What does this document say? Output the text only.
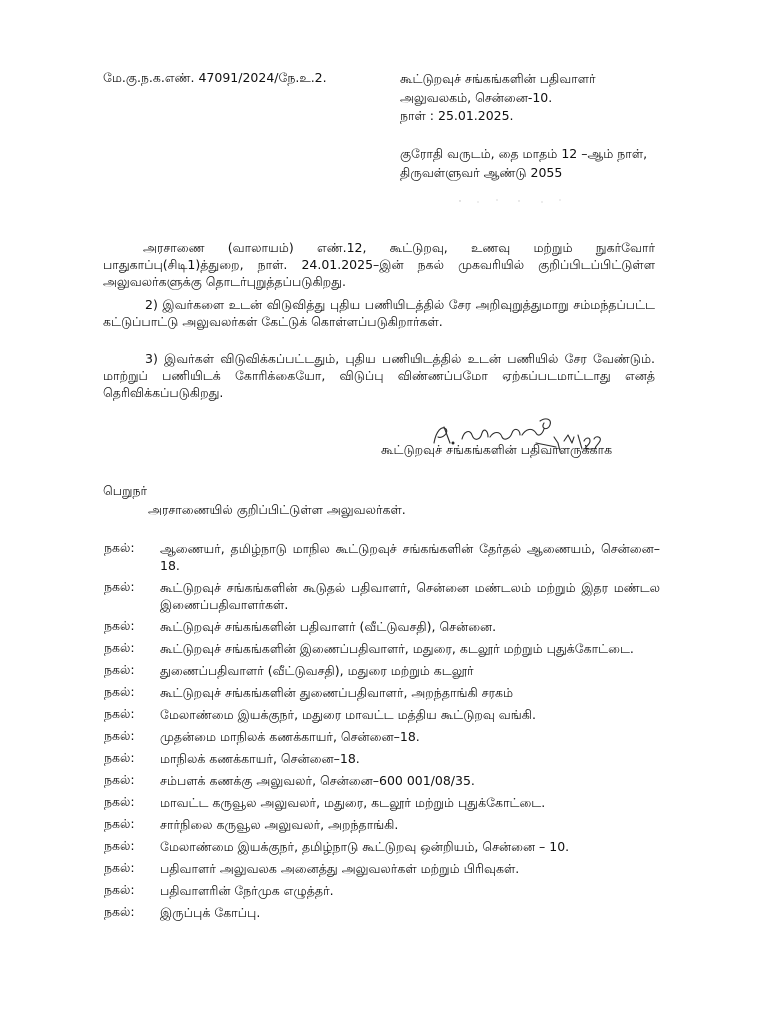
மே.கு.ந.க.எண். 47091/2024/நே.உ.2.	கூட்டுறவுச் சங்கங்களின் பதிவாளர்
அலுவலகம், சென்னை-10.
நாள் : 25.01.2025.
குரோதி வருடம், தை மாதம் 12 –ஆம் நாள்,
திருவள்ளுவர் ஆண்டு 2055
அரசாணை (வாலாயம்) எண்.12, கூட்டுறவு, உணவு மற்றும் நுகர்வோர் பாதுகாப்பு(சிடி1)த்துறை, நாள். 24.01.2025–இன் நகல் முகவரியில் குறிப்பிடப்பிட்டுள்ள அலுவலர்களுக்கு தொடர்புறுத்தப்படுகிறது.
2) இவர்களை உடன் விடுவித்து புதிய பணியிடத்தில் சேர அறிவுறுத்துமாறு சம்மந்தப்பட்ட கட்டுப்பாட்டு அலுவலர்கள் கேட்டுக் கொள்ளப்படுகிறார்கள்.
3) இவர்கள் விடுவிக்கப்பட்டதும், புதிய பணியிடத்தில் உடன் பணியில் சேர வேண்டும். மாற்றுப் பணியிடக் கோரிக்கையோ, விடுப்பு விண்ணப்பமோ ஏற்கப்படமாட்டாது எனத் தெரிவிக்கப்படுகிறது.
கூட்டுறவுச் சங்கங்களின் பதிவாளருக்காக
பெறுநர்
அரசாணையில் குறிப்பிட்டுள்ள அலுவலர்கள்.
நகல்:	ஆணையர், தமிழ்நாடு மாநில கூட்டுறவுச் சங்கங்களின் தேர்தல் ஆணையம், சென்னை–18.
நகல்:	கூட்டுறவுச் சங்கங்களின் கூடுதல் பதிவாளர், சென்னை மண்டலம் மற்றும் இதர மண்டல இணைப்பதிவாளர்கள்.
நகல்:	கூட்டுறவுச் சங்கங்களின் பதிவாளர் (வீட்டுவசதி), சென்னை.
நகல்:	கூட்டுறவுச் சங்கங்களின் இணைப்பதிவாளர், மதுரை, கடலூர் மற்றும் புதுக்கோட்டை.
நகல்:	துணைப்பதிவாளர் (வீட்டுவசதி), மதுரை மற்றும் கடலூர்
நகல்:	கூட்டுறவுச் சங்கங்களின் துணைப்பதிவாளர், அறந்தாங்கி சரகம்
நகல்:	மேலாண்மை இயக்குநர், மதுரை மாவட்ட மத்திய கூட்டுறவு வங்கி.
நகல்:	முதன்மை மாநிலக் கணக்காயர், சென்னை–18.
நகல்:	மாநிலக் கணக்காயர், சென்னை–18.
நகல்:	சம்பளக் கணக்கு அலுவலர், சென்னை–600 001/08/35.
நகல்:	மாவட்ட கருவூல அலுவலர், மதுரை, கடலூர் மற்றும் புதுக்கோட்டை.
நகல்:	சார்நிலை கருவூல அலுவலர், அறந்தாங்கி.
நகல்:	மேலாண்மை இயக்குநர், தமிழ்நாடு கூட்டுறவு ஒன்றியம், சென்னை – 10.
நகல்:	பதிவாளர் அலுவலக அனைத்து அலுவலர்கள் மற்றும் பிரிவுகள்.
நகல்:	பதிவாளரின் நேர்முக எழுத்தர்.
நகல்:	இருப்புக் கோப்பு.
